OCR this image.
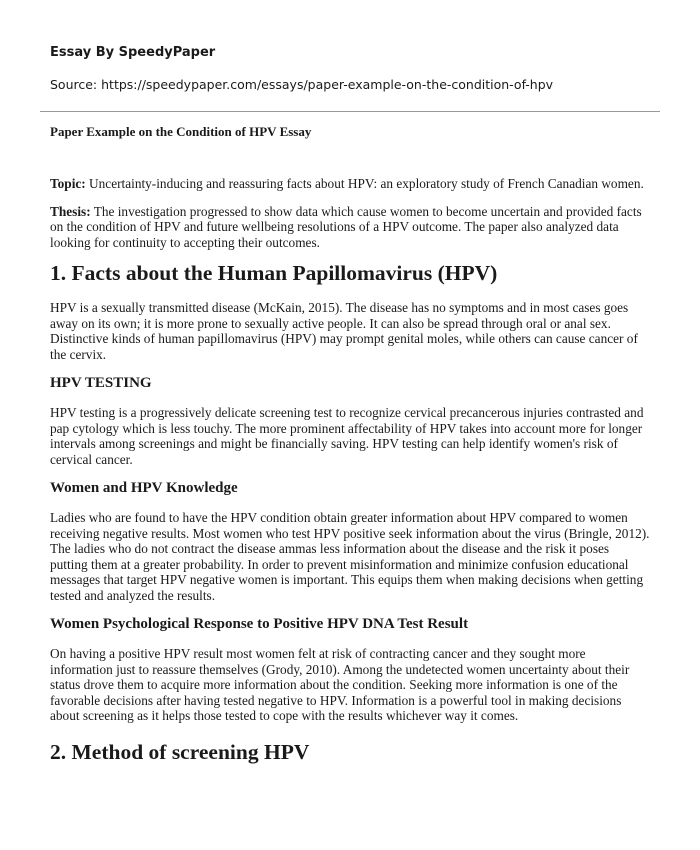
Essay By SpeedyPaper
Source: https://speedypaper.com/essays/paper-example-on-the-condition-of-hpv
Paper Example on the Condition of HPV Essay

Topic: Uncertainty-inducing and reassuring facts about HPV: an exploratory study of French Canadian women.

Thesis: The investigation progressed to show data which cause women to become uncertain and provided facts on the condition of HPV and future wellbeing resolutions of a HPV outcome. The paper also analyzed data looking for continuity to accepting their outcomes.

1. Facts about the Human Papillomavirus (HPV)

HPV is a sexually transmitted disease (McKain, 2015). The disease has no symptoms and in most cases goes away on its own; it is more prone to sexually active people. It can also be spread through oral or anal sex. Distinctive kinds of human papillomavirus (HPV) may prompt genital moles, while others can cause cancer of the cervix.

HPV TESTING

HPV testing is a progressively delicate screening test to recognize cervical precancerous injuries contrasted and pap cytology which is less touchy. The more prominent affectability of HPV takes into account more for longer intervals among screenings and might be financially saving. HPV testing can help identify women's risk of cervical cancer.

Women and HPV Knowledge

Ladies who are found to have the HPV condition obtain greater information about HPV compared to women receiving negative results. Most women who test HPV positive seek information about the virus (Bringle, 2012). The ladies who do not contract the disease ammas less information about the disease and the risk it poses putting them at a greater probability. In order to prevent misinformation and minimize confusion educational messages that target HPV negative women is important. This equips them when making decisions when getting tested and analyzed the results.

Women Psychological Response to Positive HPV DNA Test Result

On having a positive HPV result most women felt at risk of contracting cancer and they sought more information just to reassure themselves (Grody, 2010). Among the undetected women uncertainty about their status drove them to acquire more information about the condition. Seeking more information is one of the favorable decisions after having tested negative to HPV. Information is a powerful tool in making decisions about screening as it helps those tested to cope with the results whichever way it comes.

2. Method of screening HPV
